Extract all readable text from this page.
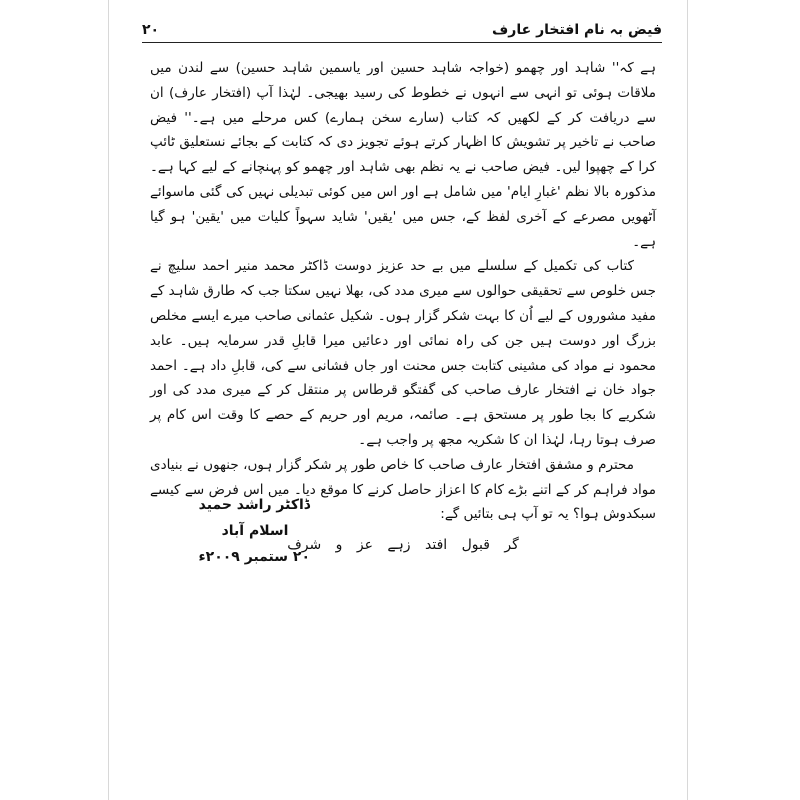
۲۰	فیض بہ نام افتخار عارف

ہے کہ'' شاہد اور چھمو (خواجہ شاہد حسین اور یاسمین شاہد حسین) سے لندن میں ملاقات ہوئی تو انہی سے انہوں نے خطوط کی رسید بھیجی۔ لہٰذا آپ (افتخار عارف) ان سے دریافت کر کے لکھیں کہ کتاب (سارے سخن ہمارے) کس مرحلے میں ہے۔'' فیض صاحب نے تاخیر پر تشویش کا اظہار کرتے ہوئے تجویز دی کہ کتابت کے بجائے نستعلیق ٹائپ کرا کے چھپوا لیں۔ فیض صاحب نے یہ نظم بھی شاہد اور چھمو کو پہنچانے کے لیے کہا ہے۔ مذکورہ بالا نظم 'غبارِ ایام' میں شامل ہے اور اس میں کوئی تبدیلی نہیں کی گئی ماسوائے آٹھویں مصرعے کے آخری لفظ کے، جس میں 'یقیں' شاید سہواً کلیات میں 'یقین' ہو گیا ہے۔

کتاب کی تکمیل کے سلسلے میں بے حد عزیز دوست ڈاکٹر محمد منیر احمد سلیچ نے جس خلوص سے تحقیقی حوالوں سے میری مدد کی، بھلا نہیں سکتا جب کہ طارق شاہد کے مفید مشوروں کے لیے اُن کا بہت شکر گزار ہوں۔ شکیل عثمانی صاحب میرے ایسے مخلص بزرگ اور دوست ہیں جن کی راہ نمائی اور دعائیں میرا قابلِ قدر سرمایہ ہیں۔ عابد محمود نے مواد کی مشینی کتابت جس محنت اور جاں فشانی سے کی، قابلِ داد ہے۔ احمد جواد خان نے افتخار عارف صاحب کی گفتگو قرطاس پر منتقل کر کے میری مدد کی اور شکریے کا بجا طور پر مستحق ہے۔ صائمہ، مریم اور حریم کے حصے کا وقت اس کام پر صرف ہوتا رہا، لہٰذا ان کا شکریہ مجھ پر واجب ہے۔

محترم و مشفق افتخار عارف صاحب کا خاص طور پر شکر گزار ہوں، جنھوں نے بنیادی مواد فراہم کر کے اتنے بڑے کام کا اعزاز حاصل کرنے کا موقع دیا۔ میں اس فرض سے کیسے سبکدوش ہوا؟ یہ تو آپ ہی بتائیں گے:

گر قبول افتد زہے عز و شرف
ڈاکٹر راشد حمید
اسلام آباد
۲۰ ستمبر ۲۰۰۹ء
